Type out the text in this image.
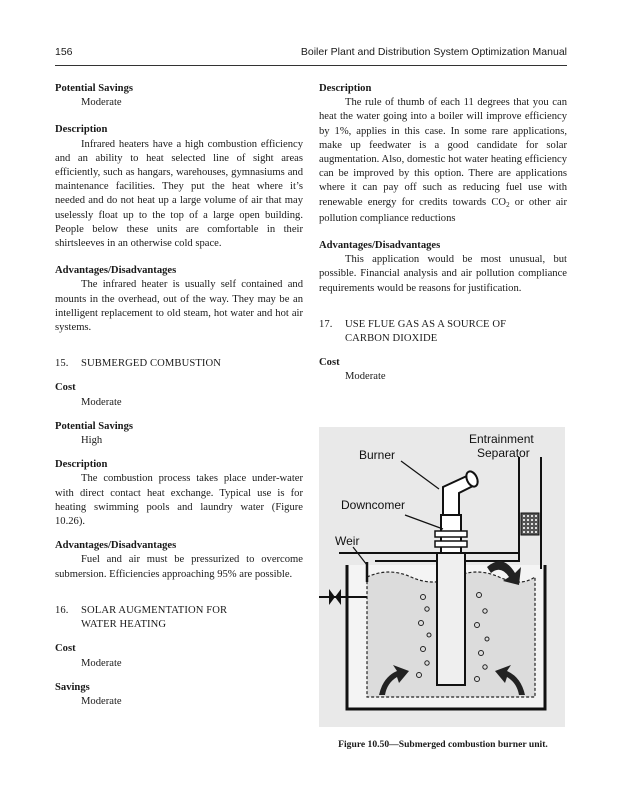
156	Boiler Plant and Distribution System Optimization Manual
Potential Savings
Moderate
Description

Infrared heaters have a high combustion efficiency and an ability to heat selected line of sight areas efficiently, such as hangars, warehouses, gymnasiums and maintenance facilities. They put the heat where it’s needed and do not heat up a large volume of air that may uselessly float up to the top of a large open building. People below these units are comfortable in their shirtsleeves in an otherwise cold space.

Advantages/Disadvantages

The infrared heater is usually self contained and mounts in the overhead, out of the way. They may be an intelligent replacement to old steam, hot water and hot air systems.

15.	SUBMERGED COMBUSTION
Cost
Moderate
Potential Savings
High
Description

The combustion process takes place under-water with direct contact heat exchange. Typical use is for heating swimming pools and laundry water (Figure 10.26).

Advantages/Disadvantages

Fuel and air must be pressurized to overcome submersion. Efficiencies approaching 95% are possible.

16.	SOLAR AUGMENTATION FOR
WATER HEATING
Cost
Moderate
Savings
Moderate
Description

The rule of thumb of each 11 degrees that you can heat the water going into a boiler will improve efficiency by 1%, applies in this case. In some rare applications, make up feedwater is a good candidate for solar augmentation. Also, domestic hot water heating efficiency can be improved by this option. There are applications where it can pay off such as reducing fuel use with renewable energy for credits towards CO2 or other air pollution compliance reductions

Advantages/Disadvantages

This application would be most unusual, but possible. Financial analysis and air pollution compliance requirements would be reasons for justification.

17.	USE FLUE GAS AS A SOURCE OF
CARBON DIOXIDE
Cost
Moderate
Burner
Entrainment
Separator
Downcomer
Weir
Figure 10.50—Submerged combustion burner unit.
